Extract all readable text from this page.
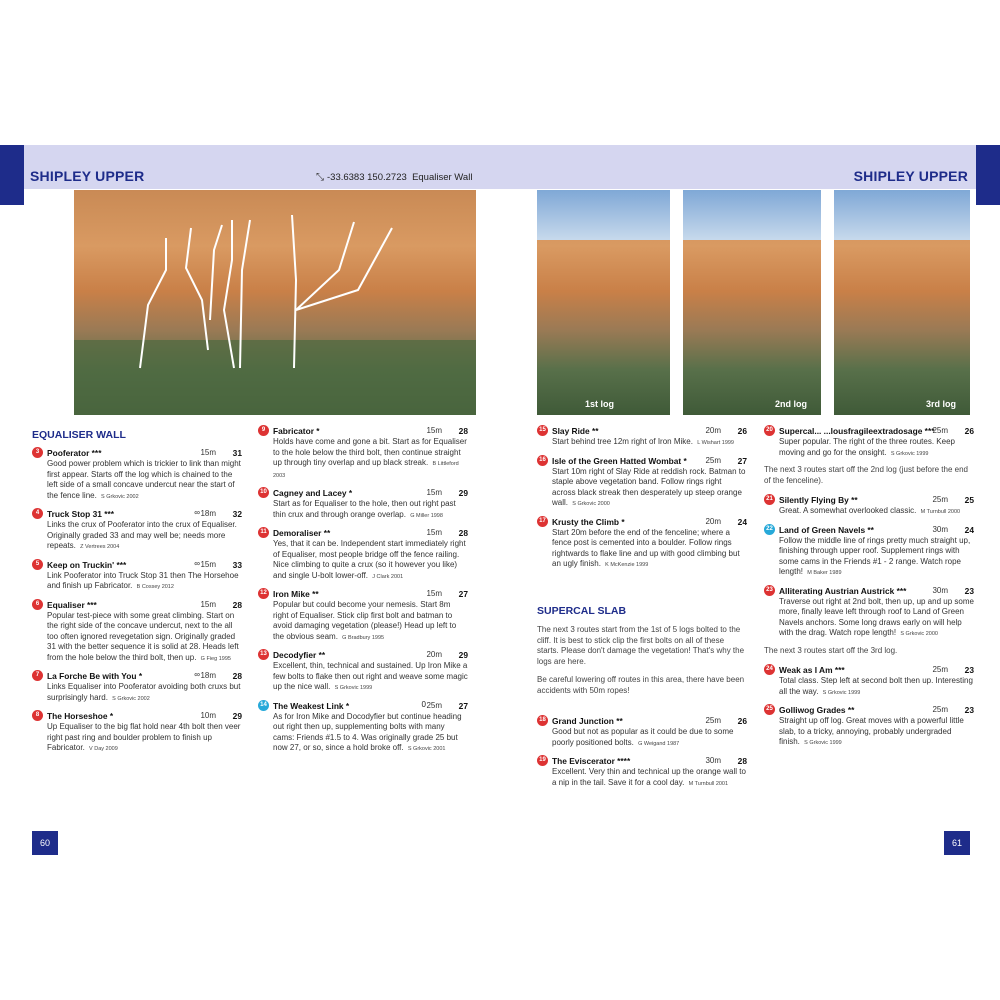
SHIPLEY UPPER	⤡ -33.6383 150.2723 Equaliser Wall
EQUALISER WALL
3 Pooferator ***	15m 31
Good power problem which is trickier to link than might first appear. Starts off the log which is chained to the left side of a small concave undercut near the start of the fence line. S Grkovic 2002
4 Truck Stop 31 ***	∞ 18m 32
Links the crux of Pooferator into the crux of Equaliser. Originally graded 33 and may well be; needs more repeats. Z Vertrees 2004
5 Keep on Truckin' ***	∞ 15m 33
Link Pooferator into Truck Stop 31 then The Horsehoe and finish up Fabricator. B Cossey 2012
6 Equaliser ***	15m 28
Popular test-piece with some great climbing. Start on the right side of the concave undercut, next to the all too often ignored revegetation sign. Originally graded 31 with the better sequence it is solid at 28. Heads left from the hole below the third bolt, then up. G Fieg 1995
7 La Forche Be with You *	∞ 18m 28
Links Equaliser into Pooferator avoiding both cruxs but surprisingly hard. S Grkovic 2002
8 The Horseshoe *	10m 29
Up Equaliser to the big flat hold near 4th bolt then veer right past ring and boulder problem to finish up Fabricator. V Day 2009
9 Fabricator *	15m 28
Holds have come and gone a bit. Start as for Equaliser to the hole below the third bolt, then continue straight up through tiny overlap and up black streak. B Littleford 2003
10 Cagney and Lacey *	15m 29
Start as for Equaliser to the hole, then out right past thin crux and through orange overlap. G Miller 1998
11 Demoraliser **	15m 28
Yes, that it can be. Independent start immediately right of Equaliser, most people bridge off the fence railing. Nice climbing to quite a crux (so it however you like) and single U-bolt lower-off. J Clark 2001
12 Iron Mike **	15m 27
Popular but could become your nemesis. Start 8m right of Equaliser. Stick clip first bolt and batman to avoid damaging vegetation (please!) Head up left to the obvious seam. G Bradbury 1995
13 Decodyfier **	20m 29
Excellent, thin, technical and sustained. Up Iron Mike a few bolts to flake then out right and weave some magic up the nice wall. S Grkovic 1999
14 The Weakest Link *	0 25m 27
As for Iron Mike and Docodyfier but continue heading out right then up, supplementing bolts with many cams: Friends #1.5 to 4. Was originally grade 25 but now 27, or so, since a hold broke off. S Grkovic 2001
60
SHIPLEY UPPER
1st log	2nd log	3rd log
15 Slay Ride **	20m 26
Start behind tree 12m right of Iron Mike. L Wishart 1999
16 Isle of the Green Hatted Wombat * 25m 27
Start 10m right of Slay Ride at reddish rock. Batman to staple above vegetation band. Follow rings right across black streak then desperately up steep orange wall. S Grkovic 2000
17 Krusty the Climb *	20m 24
Start 20m before the end of the fenceline; where a fence post is cemented into a boulder. Follow rings rightwards to flake line and up with good climbing but an ugly finish. K McKenzie 1999
SUPERCAL SLAB
The next 3 routes start from the 1st of 5 logs bolted to the cliff. It is best to stick clip the first bolts on all of these starts. Please don't damage the vegetation! That's why the logs are here.
Be careful lowering off routes in this area, there have been accidents with 50m ropes!
18 Grand Junction **	25m 26
Good but not as popular as it could be due to some poorly positioned bolts. G Weigand 1987
19 The Eviscerator ****	30m 28
Excellent. Very thin and technical up the orange wall to a nip in the tail. Save it for a cool day. M Turnbull 2001
20 Supercal... ...lousfragileextradosage ***
25m 26
Super popular. The right of the three routes. Keep moving and go for the onsight. S Grkovic 1999
The next 3 routes start off the 2nd log (just before the end of the fenceline).
21 Silently Flying By **	25m 25
Great. A somewhat overlooked classic. M Turnbull 2000
22 Land of Green Navels **	30m 24
Follow the middle line of rings pretty much straight up, finishing through upper roof. Supplement rings with some cams in the Friends #1 - 2 range. Watch rope length! M Baker 1989
23 Alliterating Austrian Austrick ***	30m 23
Traverse out right at 2nd bolt, then up, up and up some more, finally leave left through roof to Land of Green Navels anchors. Some long draws early on will help with the drag. Watch rope length! S Grkovic 2000
The next 3 routes start off the 3rd log.
24 Weak as I Am ***	25m 23
Total class. Step left at second bolt then up. Interesting all the way. S Grkovic 1999
25 Golliwog Grades **	25m 23
Straight up off log. Great moves with a powerful little slab, to a tricky, annoying, probably undergraded finish. S Grkovic 1999
61
